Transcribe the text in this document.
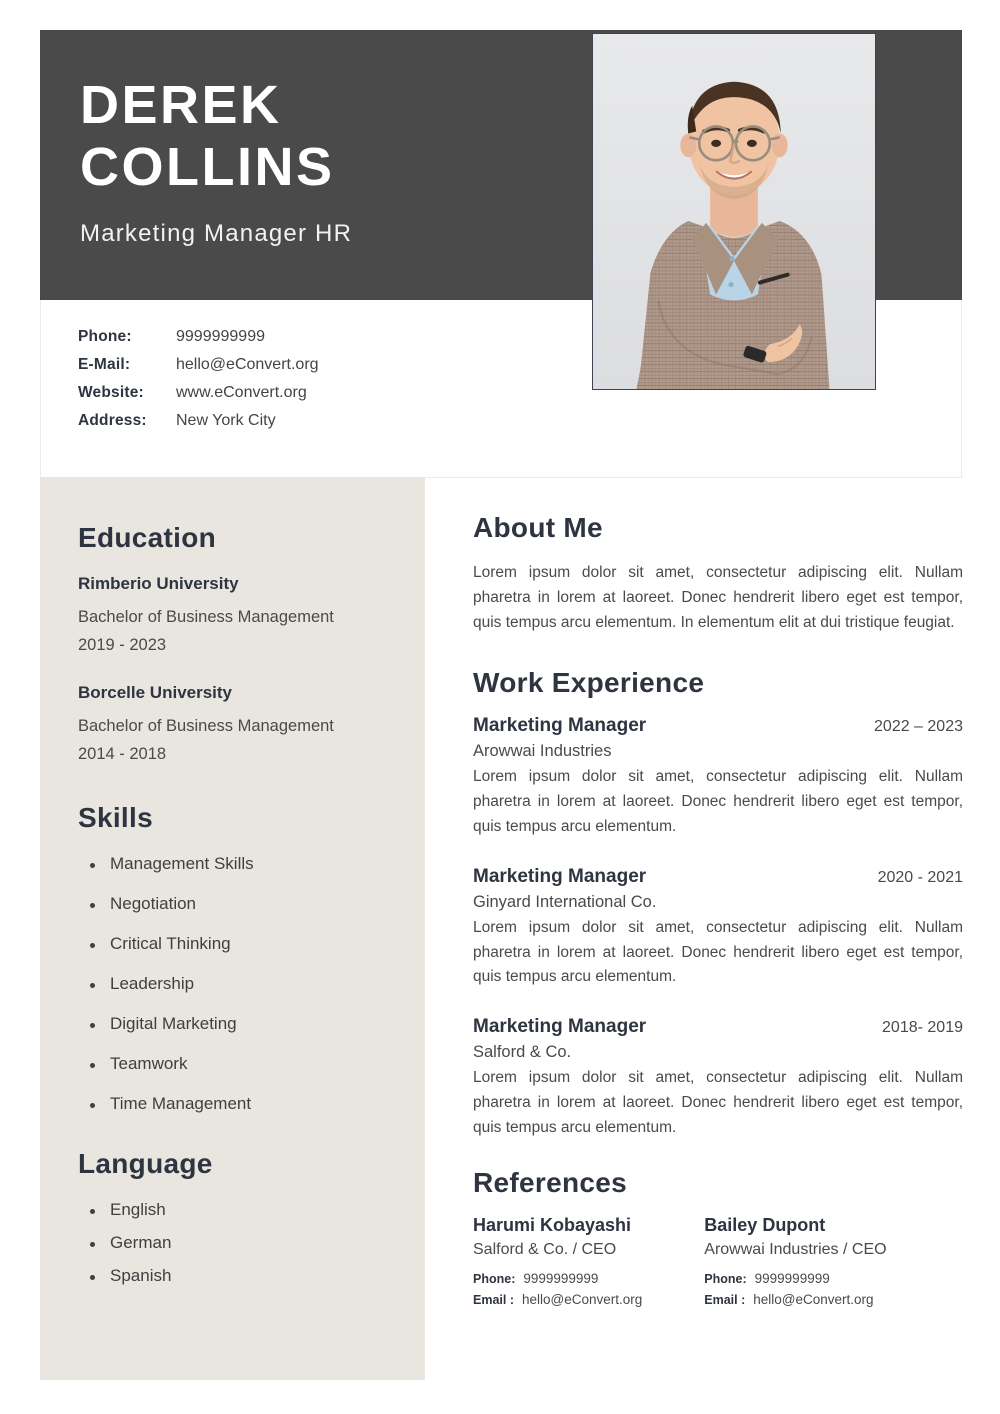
DEREK
COLLINS
Marketing Manager HR
Phone:	9999999999
E-Mail:	hello@eConvert.org
Website:	www.eConvert.org
Address:	New York City
Education
Rimberio University
Bachelor of Business Management
2019 - 2023
Borcelle University
Bachelor of Business Management
2014 - 2018
Skills
Management Skills
Negotiation
Critical Thinking
Leadership
Digital Marketing
Teamwork
Time Management
Language
English
German
Spanish
About Me
Lorem ipsum dolor sit amet, consectetur adipiscing elit. Nullam pharetra in lorem at laoreet. Donec hendrerit libero eget est tempor, quis tempus arcu elementum. In elementum elit at dui tristique feugiat.
Work Experience
Marketing Manager	2022 – 2023
Arowwai Industries
Lorem ipsum dolor sit amet, consectetur adipiscing elit. Nullam pharetra in lorem at laoreet. Donec hendrerit libero eget est tempor, quis tempus arcu elementum.
Marketing Manager	2020 - 2021
Ginyard International Co.
Lorem ipsum dolor sit amet, consectetur adipiscing elit. Nullam pharetra in lorem at laoreet. Donec hendrerit libero eget est tempor, quis tempus arcu elementum.
Marketing Manager	2018- 2019
Salford & Co.
Lorem ipsum dolor sit amet, consectetur adipiscing elit. Nullam pharetra in lorem at laoreet. Donec hendrerit libero eget est tempor, quis tempus arcu elementum.
References
Harumi Kobayashi
Salford & Co. / CEO
Phone: 9999999999
Email : hello@eConvert.org
Bailey Dupont
Arowwai Industries / CEO
Phone: 9999999999
Email : hello@eConvert.org
